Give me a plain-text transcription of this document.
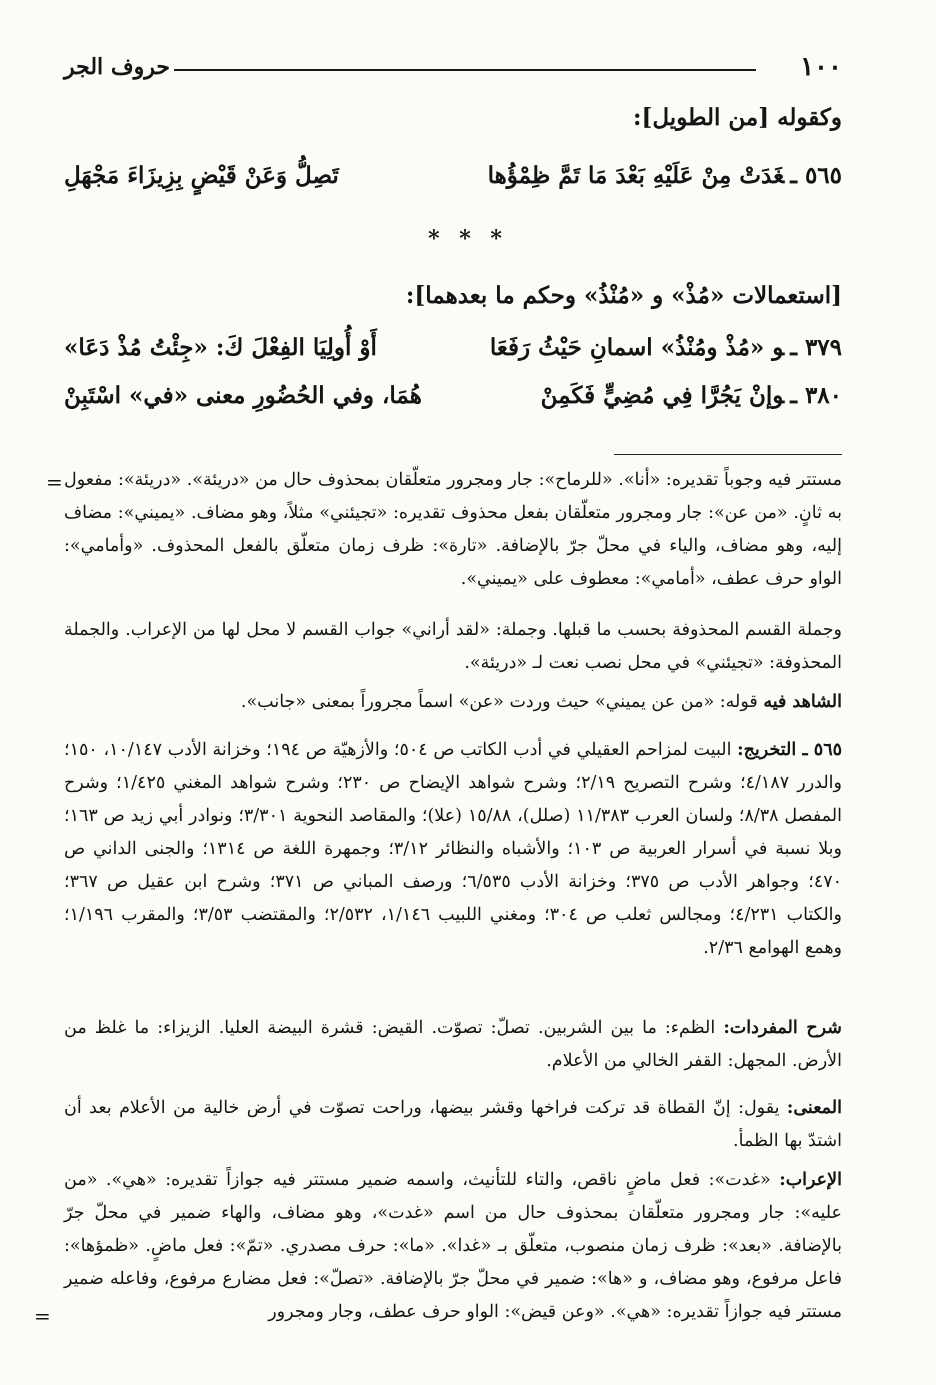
١٠٠
حروف الجر
وكقوله [من الطويل]:
٥٦٥ ـغَدَتْ مِنْ عَلَيْهِ بَعْدَ مَا تَمَّ ظِمْؤُها
تَصِلُّ وَعَنْ قَيْضٍ بِزِيزَاءَ مَجْهَلِ
* * *
[استعمالات «مُذْ» و «مُنْذُ» وحكم ما بعدهما]:
٣٧٩ ـو «مُذْ ومُنْذُ» اسمانِ حَيْثُ رَفَعَا
أَوْ أُولِيَا الفِعْلَ كَ: «جِئْتُ مُذْ دَعَا»
٣٨٠ ـوإنْ يَجُرَّا فِي مُضِيٍّ فَكَمِنْ
هُمَا، وفي الحُضُورِ معنى «في» اسْتَبِنْ
= مستتر فيه وجوباً تقديره: «أنا». «للرماح»: جار ومجرور متعلّقان بمحذوف حال من «دريئة». «دريئة»: مفعول به ثانٍ. «من عن»: جار ومجرور متعلّقان بفعل محذوف تقديره: «تجيئني» مثلاً، وهو مضاف. «يميني»: مضاف إليه، وهو مضاف، والياء في محلّ جرّ بالإضافة. «تارة»: ظرف زمان متعلّق بالفعل المحذوف. «وأمامي»: الواو حرف عطف، «أمامي»: معطوف على «يميني».
وجملة القسم المحذوفة بحسب ما قبلها. وجملة: «لقد أراني» جواب القسم لا محل لها من الإعراب. والجملة المحذوفة: «تجيئني» في محل نصب نعت لـ «دريئة».
الشاهد فيه قوله: «من عن يميني» حيث وردت «عن» اسماً مجروراً بمعنى «جانب».
٥٦٥ ـ التخريج: البيت لمزاحم العقيلي في أدب الكاتب ص ٥٠٤؛ والأزهيّة ص ١٩٤؛ وخزانة الأدب ١٠/١٤٧، ١٥٠؛ والدرر ٤/١٨٧؛ وشرح التصريح ٢/١٩؛ وشرح شواهد الإيضاح ص ٢٣٠؛ وشرح شواهد المغني ١/٤٢٥؛ وشرح المفصل ٨/٣٨؛ ولسان العرب ١١/٣٨٣ (صلل)، ١٥/٨٨ (علا)؛ والمقاصد النحوية ٣/٣٠١؛ ونوادر أبي زيد ص ١٦٣؛ وبلا نسبة في أسرار العربية ص ١٠٣؛ والأشباه والنظائر ٣/١٢؛ وجمهرة اللغة ص ١٣١٤؛ والجنى الداني ص ٤٧٠؛ وجواهر الأدب ص ٣٧٥؛ وخزانة الأدب ٦/٥٣٥؛ ورصف المباني ص ٣٧١؛ وشرح ابن عقيل ص ٣٦٧؛ والكتاب ٤/٢٣١؛ ومجالس ثعلب ص ٣٠٤؛ ومغني اللبيب ١/١٤٦، ٢/٥٣٢؛ والمقتضب ٣/٥٣؛ والمقرب ١/١٩٦؛ وهمع الهوامع ٢/٣٦.
شرح المفردات: الظمء: ما بين الشربين. تصلّ: تصوّت. القيض: قشرة البيضة العليا. الزيزاء: ما غلظ من الأرض. المجهل: القفر الخالي من الأعلام.
المعنى: يقول: إنّ القطاة قد تركت فراخها وقشر بيضها، وراحت تصوّت في أرض خالية من الأعلام بعد أن اشتدّ بها الظمأ.
الإعراب: «غدت»: فعل ماضٍ ناقص، والتاء للتأنيث، واسمه ضمير مستتر فيه جوازاً تقديره: «هي». «من عليه»: جار ومجرور متعلّقان بمحذوف حال من اسم «غدت»، وهو مضاف، والهاء ضمير في محلّ جرّ بالإضافة. «بعد»: ظرف زمان منصوب، متعلّق بـ «غدا». «ما»: حرف مصدري. «تمّ»: فعل ماضٍ. «ظمؤها»: فاعل مرفوع، وهو مضاف، و «ها»: ضمير في محلّ جرّ بالإضافة. «تصلّ»: فعل مضارع مرفوع، وفاعله ضمير مستتر فيه جوازاً تقديره: «هي». «وعن قيض»: الواو حرف عطف، وجار ومجرور
=
